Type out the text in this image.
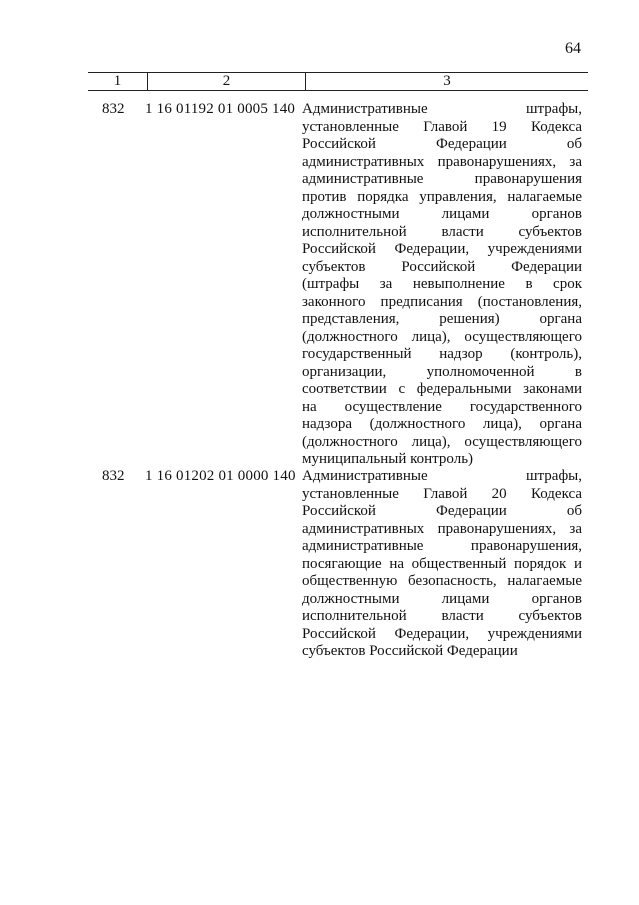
64
1	2	3
832 1 16 01192 01 0005 140 Административные штрафы,
установленные Главой 19 Кодекса
Российской Федерации об
административных правонарушениях, за
административные правонарушения
против порядка управления, налагаемые
должностными лицами органов
исполнительной власти субъектов
Российской Федерации, учреждениями
субъектов Российской Федерации
(штрафы за невыполнение в срок
законного предписания (постановления,
представления, решения) органа
(должностного лица), осуществляющего
государственный надзор (контроль),
организации, уполномоченной в
соответствии с федеральными законами
на осуществление государственного
надзора (должностного лица), органа
(должностного лица), осуществляющего
муниципальный контроль)
832 1 16 01202 01 0000 140 Административные штрафы,
установленные Главой 20 Кодекса
Российской Федерации об
административных правонарушениях, за
административные правонарушения,
посягающие на общественный порядок и
общественную безопасность, налагаемые
должностными лицами органов
исполнительной власти субъектов
Российской Федерации, учреждениями
субъектов Российской Федерации
